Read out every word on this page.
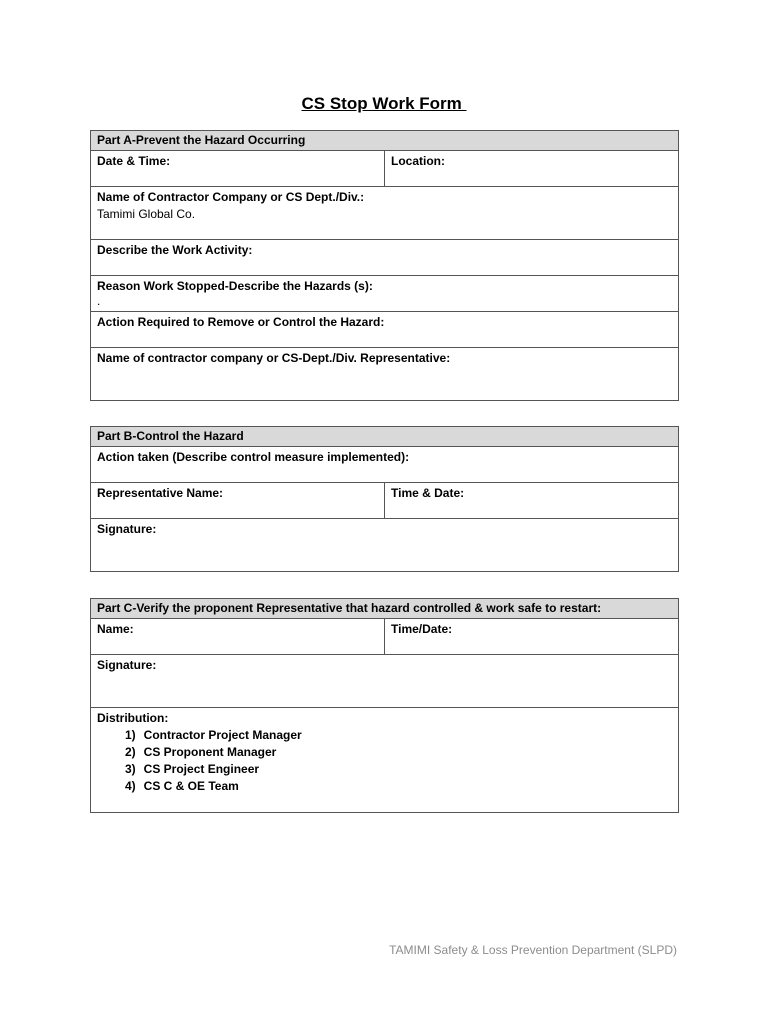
CS Stop Work Form
Part A-Prevent the Hazard Occurring
Date & Time:	Location:
Name of Contractor Company or CS Dept./Div.:
Tamimi Global Co.

Describe the Work Activity:
Reason Work Stopped-Describe the Hazards (s):
.

Action Required to Remove or Control the Hazard:
Name of contractor company or CS-Dept./Div. Representative:
Part B-Control the Hazard
Action taken (Describe control measure implemented):
Representative Name:	Time & Date:
Signature:
Part C-Verify the proponent Representative that hazard controlled & work safe to restart:
Name:	Time/Date:
Signature:
Distribution:
1) Contractor Project Manager
2) CS Proponent Manager
3) CS Project Engineer
4) CS C & OE Team
TAMIMI Safety & Loss Prevention Department (SLPD)
